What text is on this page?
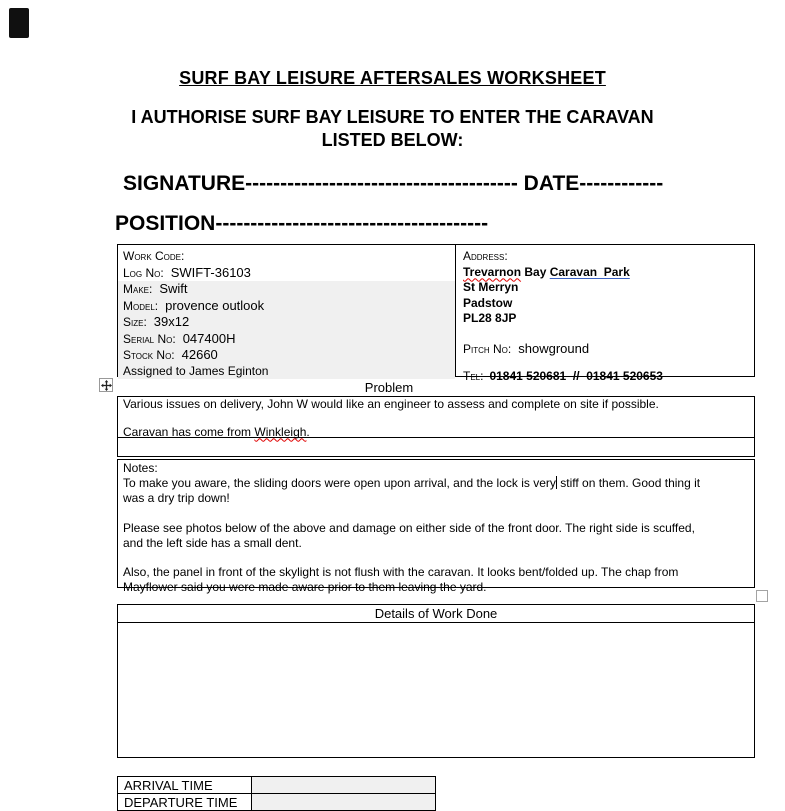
SURF BAY LEISURE AFTERSALES WORKSHEET
I AUTHORISE SURF BAY LEISURE TO ENTER THE CARAVAN
LISTED BELOW:
SIGNATURE--------------------------------------- DATE------------
POSITION---------------------------------------
Work Code:
Log No: SWIFT-36103
Make: Swift
Model: provence outlook
Size: 39x12
Serial No: 047400H
Stock No: 42660
Assigned to James Eginton
Address:
Trevarnon Bay Caravan  Park
St Merryn
Padstow
PL28 8JP
Pitch No: showground
Tel: 01841 520681  //  01841 520653
Problem
Various issues on delivery, John W would like an engineer to assess and complete on site if possible.

Caravan has come from Winkleigh.
Notes:
To make you aware, the sliding doors were open upon arrival, and the lock is very stiff on them. Good thing it
was a dry trip down!

Please see photos below of the above and damage on either side of the front door. The right side is scuffed,
and the left side has a small dent.

Also, the panel in front of the skylight is not flush with the caravan. It looks bent/folded up. The chap from
Mayflower said you were made aware prior to them leaving the yard.
Details of Work Done
ARRIVAL TIME
DEPARTURE TIME
